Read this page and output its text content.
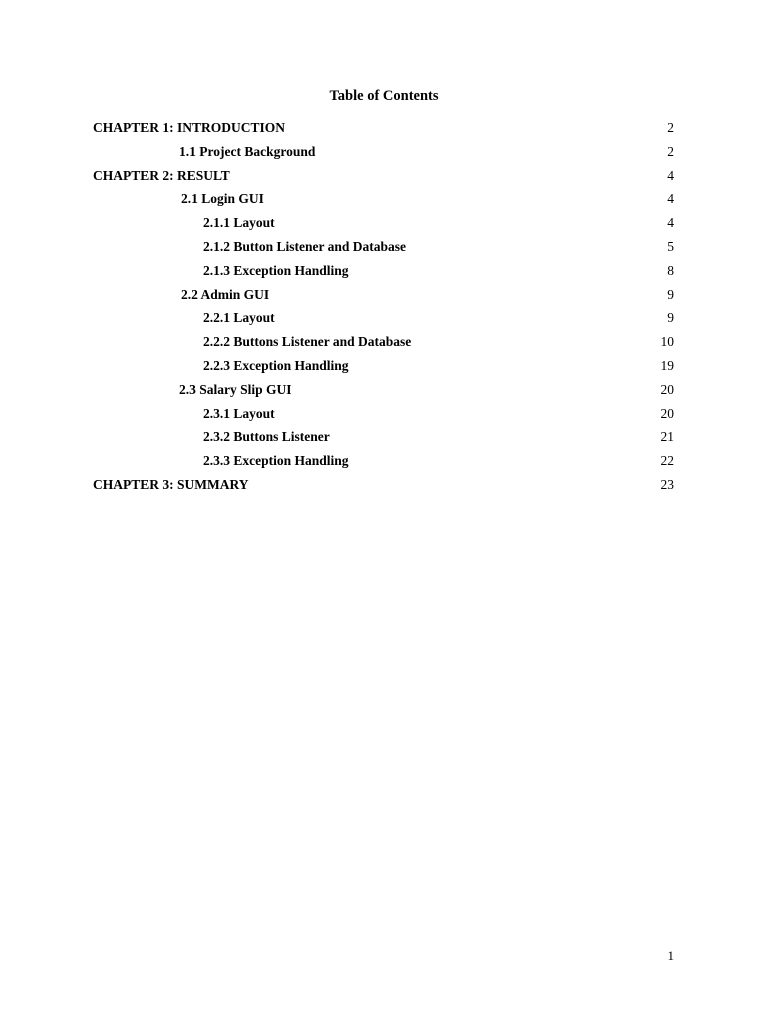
Table of Contents
CHAPTER 1: INTRODUCTION	2
1.1 Project Background	2
CHAPTER 2: RESULT	4
2.1 Login GUI	4
2.1.1 Layout	4
2.1.2 Button Listener and Database	5
2.1.3 Exception Handling	8
2.2 Admin GUI	9
2.2.1 Layout	9
2.2.2 Buttons Listener and Database	10
2.2.3 Exception Handling	19
2.3 Salary Slip GUI	20
2.3.1 Layout	20
2.3.2 Buttons Listener	21
2.3.3 Exception Handling	22
CHAPTER 3: SUMMARY	23
1
